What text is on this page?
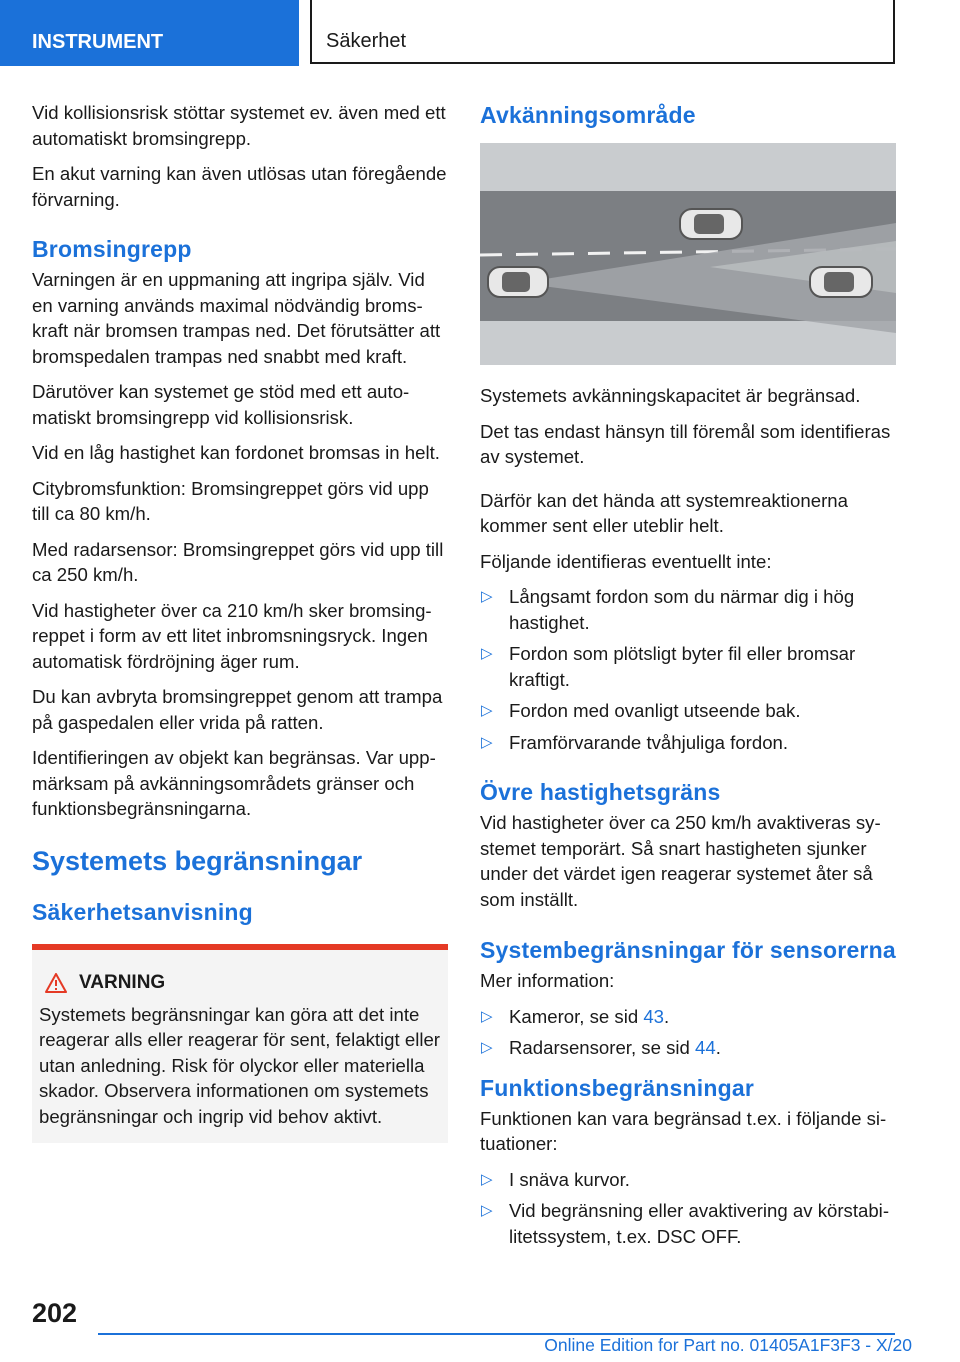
INSTRUMENT	Säkerhet

Vid kollisionsrisk stöttar systemet ev. även med ett automatiskt bromsingrepp.

En akut varning kan även utlösas utan föregående förvarning.

Bromsingrepp

Varningen är en uppmaning att ingripa själv. Vid en varning används maximal nödvändig bromskraft när bromsen trampas ned. Det förutsätter att bromspedalen trampas ned snabbt med kraft.

Därutöver kan systemet ge stöd med ett automatiskt bromsingrepp vid kollisionsrisk.

Vid en låg hastighet kan fordonet bromsas in helt.

Citybromsfunktion: Bromsingreppet görs vid upp till ca 80 km/h.

Med radarsensor: Bromsingreppet görs vid upp till ca 250 km/h.

Vid hastigheter över ca 210 km/h sker bromsingreppet i form av ett litet inbromsningsryck. Ingen automatisk fördröjning äger rum.

Du kan avbryta bromsingreppet genom att trampa på gaspedalen eller vrida på ratten.

Identifieringen av objekt kan begränsas. Var uppmärksam på avkänningsområdets gränser och funktionsbegränsningarna.

Systemets begränsningar
Säkerhetsanvisning
VARNING

Systemets begränsningar kan göra att det inte reagerar alls eller reagerar för sent, felaktigt eller utan anledning. Risk för olyckor eller materiella skador. Observera informationen om systemets begränsningar och ingrip vid behov aktivt.

Avkänningsområde

Systemets avkänningskapacitet är begränsad.

Det tas endast hänsyn till föremål som identifieras av systemet.

Därför kan det hända att systemreaktionerna kommer sent eller uteblir helt.

Följande identifieras eventuellt inte:

▷ Långsamt fordon som du närmar dig i hög hastighet.
▷ Fordon som plötsligt byter fil eller bromsar kraftigt.
▷ Fordon med ovanligt utseende bak.
▷ Framförvarande tvåhjuliga fordon.
Övre hastighetsgräns

Vid hastigheter över ca 250 km/h avaktiveras systemet temporärt. Så snart hastigheten sjunker under det värdet igen reagerar systemet åter så som inställt.

Systembegränsningar för sensorerna

Mer information:

▷ Kameror, se sid 43.
▷ Radarsensorer, se sid 44.
Funktionsbegränsningar

Funktionen kan vara begränsad t.ex. i följande situationer:

▷ I snäva kurvor.
▷ Vid begränsning eller avaktivering av körstabilitetssystem, t.ex. DSC OFF.
202
Online Edition for Part no. 01405A1F3F3 - X/20
